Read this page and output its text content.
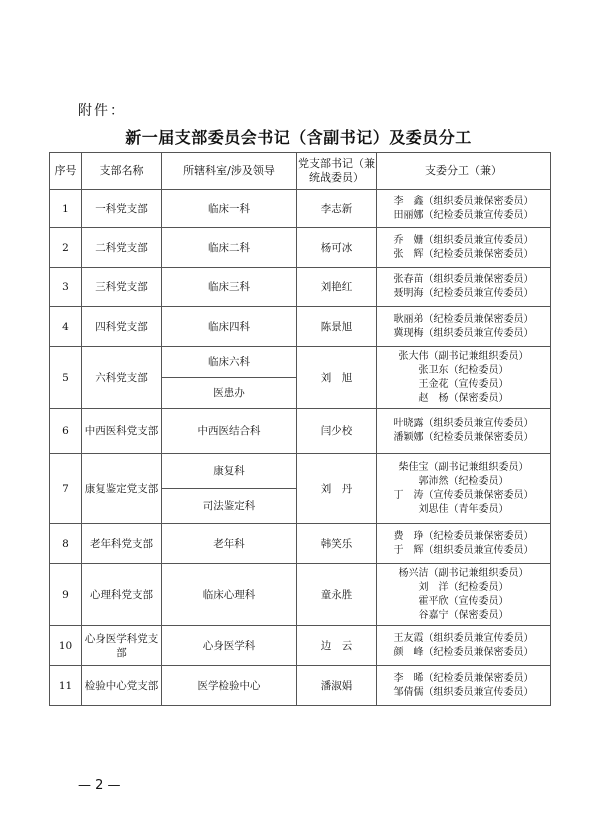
附件：
新一届支部委员会书记（含副书记）及委员分工
序号	支部名称	所辖科室/涉及领导	党支部书记（兼统战委员）	支委分工（兼）
1	一科党支部	临床一科	李志新	李　鑫（组织委员兼保密委员）
田丽娜（纪检委员兼宣传委员）

2	二科党支部	临床二科	杨可冰	乔　姗（组织委员兼宣传委员）
张　辉（纪检委员兼保密委员）

3	三科党支部	临床三科	刘艳红	张春苗（组织委员兼保密委员）
聂明海（纪检委员兼宣传委员）

4	四科党支部	临床四科	陈景旭	耿丽弟（纪检委员兼保密委员）
冀现梅（组织委员兼宣传委员）

5	六科党支部	临床六科	刘　旭	张大伟（副书记兼组织委员）
张卫东（纪检委员）
王金花（宣传委员）
赵　杨（保密委员）

		医患办		
6	中西医科党支部	中西医结合科	闫少校	叶晓露（组织委员兼宣传委员）
潘颖娜（纪检委员兼保密委员）

7	康复鉴定党支部	康复科	刘　丹	柴佳宝（副书记兼组织委员）
郭沛然（纪检委员）
丁　涛（宣传委员兼保密委员）
刘思佳（青年委员）

		司法鉴定科		
8	老年科党支部	老年科	韩笑乐	费　琤（纪检委员兼保密委员）
于　辉（组织委员兼宣传委员）

9	心理科党支部	临床心理科	童永胜	杨兴洁（副书记兼组织委员）
刘　洋（纪检委员）
霍平欣（宣传委员）
谷嘉宁（保密委员）

10	心身医学科党支部	心身医学科	边　云	王友霞（组织委员兼宣传委员）
颜　峰（纪检委员兼保密委员）

11	检验中心党支部	医学检验中心	潘淑娟	李　晞（纪检委员兼保密委员）
邹倩儒（组织委员兼宣传委员）
— 2 —
